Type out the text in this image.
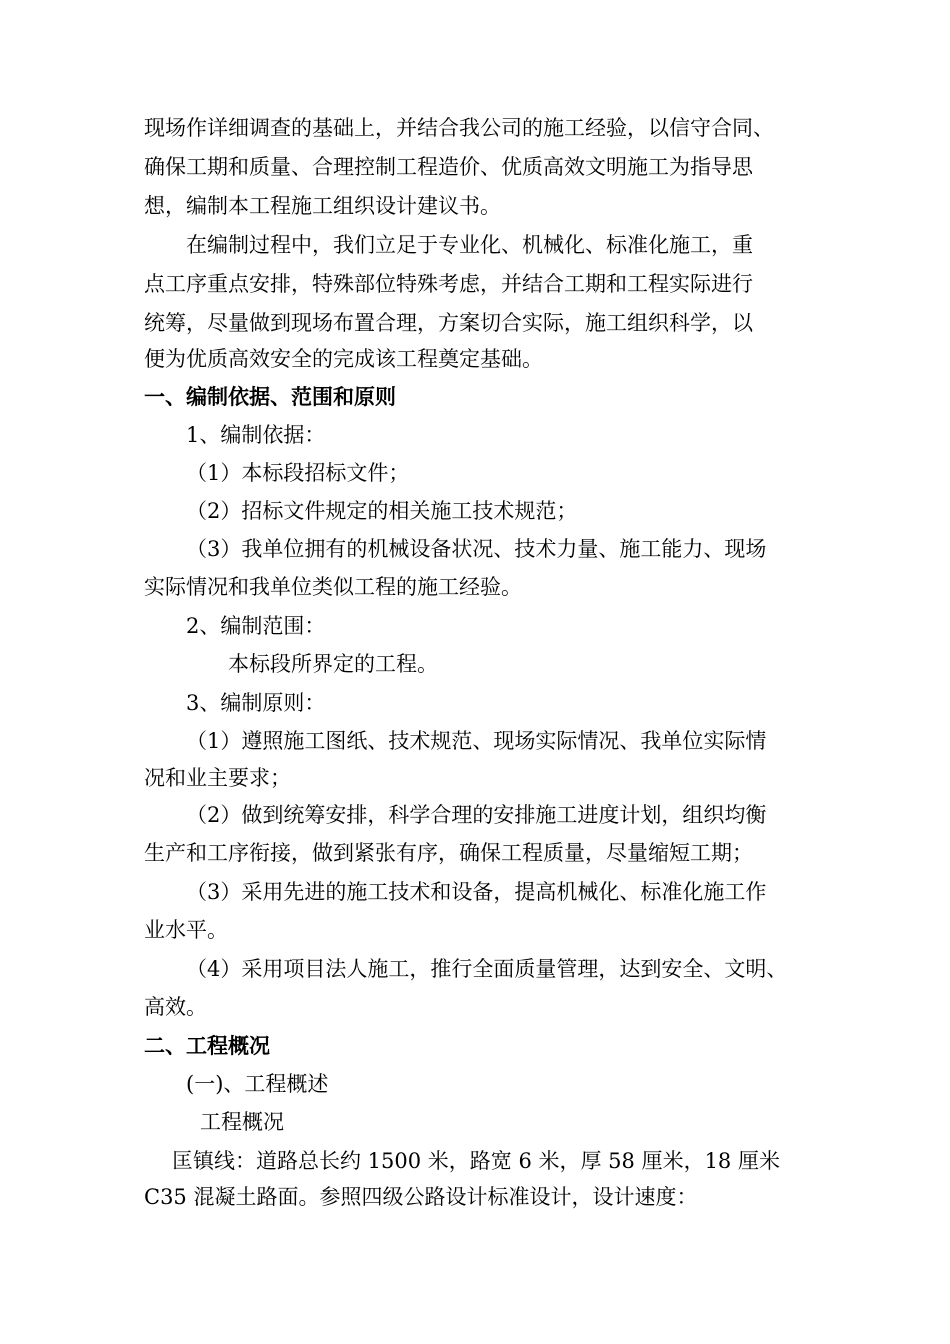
现场作详细调查的基础上，并结合我公司的施工经验，以信守合同、
确保工期和质量、合理控制工程造价、优质高效文明施工为指导思
想，编制本工程施工组织设计建议书。
在编制过程中，我们立足于专业化、机械化、标准化施工，重
点工序重点安排，特殊部位特殊考虑，并结合工期和工程实际进行
统筹，尽量做到现场布置合理，方案切合实际，施工组织科学，以
便为优质高效安全的完成该工程奠定基础。
一、编制依据、范围和原则
1、编制依据：
（1）本标段招标文件；
（2）招标文件规定的相关施工技术规范；
（3）我单位拥有的机械设备状况、技术力量、施工能力、现场
实际情况和我单位类似工程的施工经验。
2、编制范围：
本标段所界定的工程。
3、编制原则：
（1）遵照施工图纸、技术规范、现场实际情况、我单位实际情
况和业主要求；
（2）做到统筹安排，科学合理的安排施工进度计划，组织均衡
生产和工序衔接，做到紧张有序，确保工程质量，尽量缩短工期；
（3）采用先进的施工技术和设备，提高机械化、标准化施工作
业水平。
（4）采用项目法人施工，推行全面质量管理，达到安全、文明、
高效。
二、工程概况
(一)、工程概述
工程概况
匡镇线：道路总长约 1500 米，路宽 6 米，厚 58 厘米，18 厘米
C35 混凝土路面。参照四级公路设计标准设计，设计速度：
